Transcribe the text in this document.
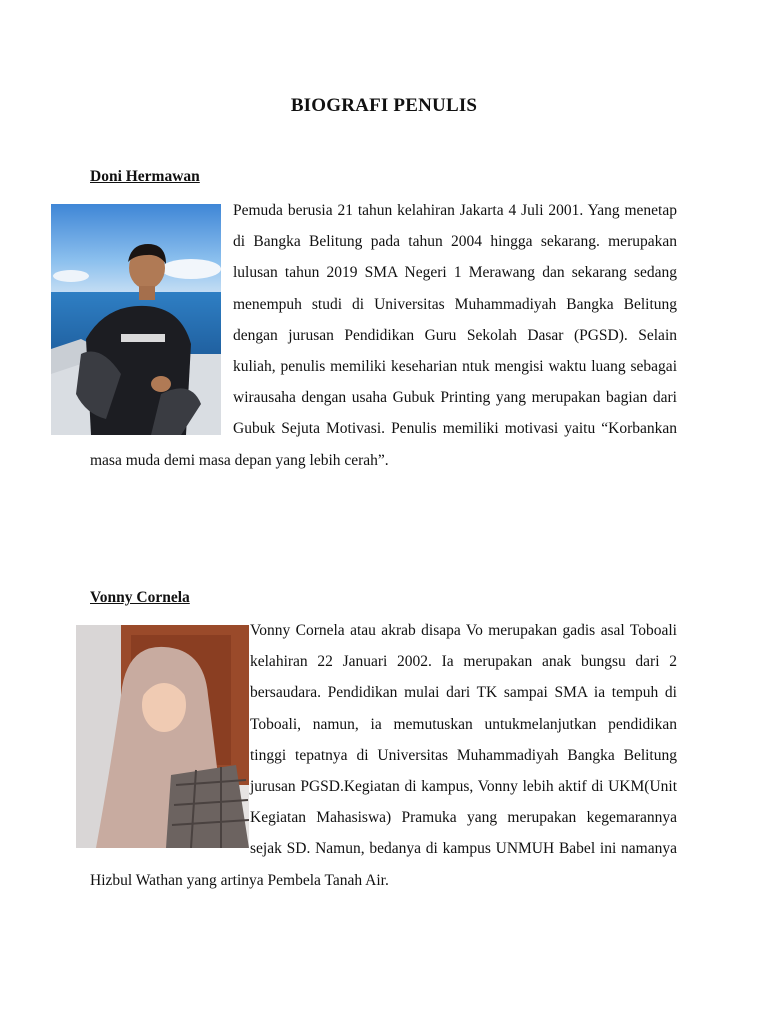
BIOGRAFI PENULIS
Doni Hermawan

Pemuda berusia 21 tahun kelahiran Jakarta 4 Juli 2001. Yang menetap di Bangka Belitung pada tahun 2004 hingga sekarang. merupakan lulusan tahun 2019 SMA Negeri 1 Merawang dan sekarang sedang menempuh studi di Universitas Muhammadiyah Bangka Belitung dengan jurusan Pendidikan Guru Sekolah Dasar (PGSD). Selain kuliah, penulis memiliki keseharian ntuk mengisi waktu luang sebagai wirausaha dengan usaha Gubuk Printing yang merupakan bagian dari Gubuk Sejuta Motivasi. Penulis memiliki motivasi yaitu “Korbankan masa muda demi masa depan yang lebih cerah”.

Vonny Cornela

Vonny Cornela atau akrab disapa Vo merupakan gadis asal Toboali kelahiran 22 Januari 2002. Ia merupakan anak bungsu dari 2 bersaudara. Pendidikan mulai dari TK sampai SMA ia tempuh di Toboali, namun, ia memutuskan untukmelanjutkan pendidikan tinggi tepatnya di Universitas Muhammadiyah Bangka Belitung jurusan PGSD.Kegiatan di kampus, Vonny lebih aktif di UKM(Unit Kegiatan Mahasiswa) Pramuka yang merupakan kegemarannya sejak SD. Namun, bedanya di kampus UNMUH Babel ini namanya Hizbul Wathan yang artinya Pembela Tanah Air.
